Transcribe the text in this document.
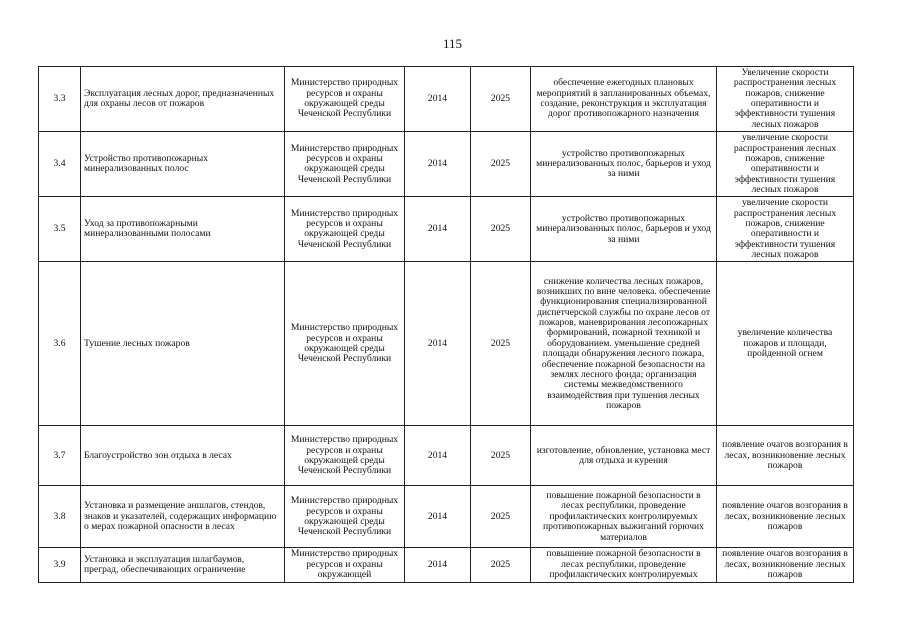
115
3.3	Эксплуатация лесных дорог, предназначенных для охраны лесов от пожаров	Министерство природных ресурсов и охраны окружающей среды Чеченской Республики	2014	2025	обеспечение ежегодных плановых мероприятий в запланированных объемах, создание, реконструкция и эксплуатация дорог противопожарного назначения	Увеличение скорости распространения лесных пожаров, снижение оперативности и эффективности тушения лесных пожаров
3.4	Устройство противопожарных минерализованных полос	Министерство природных ресурсов и охраны окружающей среды Чеченской Республики	2014	2025	устройство противопожарных минерализованных полос, барьеров и уход за ними	увеличение скорости распространения лесных пожаров, снижение оперативности и эффективности тушения лесных пожаров
3.5	Уход за противопожарными минерализованными полосами	Министерство природных ресурсов и охраны окружающей среды Чеченской Республики	2014	2025	устройство противопожарных минерализованных полос, барьеров и уход за ними	увеличение скорости распространения лесных пожаров, снижение оперативности и эффективности тушения лесных пожаров
3.6	Тушение лесных пожаров	Министерство природных ресурсов и охраны окружающей среды Чеченской Республики	2014	2025	снижение количества лесных пожаров, возникших по вине человека. обеспечение функционирования специализированной диспетчерской службы по охране лесов от пожаров, маневрирования лесопожарных формирований, пожарной техникой и оборудованием. уменьшение средней площади обнаружения лесного пожара, обеспечение пожарной безопасности на землях лесного фонда; организация системы межведомственного взаимодействия при тушения лесных пожаров	увеличение количества пожаров и площади, пройденной огнем
3.7	Благоустройство зон отдыха в лесах	Министерство природных ресурсов и охраны окружающей среды Чеченской Республики	2014	2025	изготовление, обновление, установка мест для отдыха и курения	появление очагов возгорания в лесах, возникновение лесных пожаров
3.8	Установка и размещение аншлагов, стендов, знаков и указателей, содержащих информацию о мерах пожарной опасности в лесах	Министерство природных ресурсов и охраны окружающей среды Чеченской Республики	2014	2025	повышение пожарной безопасности в лесах республики, проведение профилактических контролируемых противопожарных выжиганий горючих материалов	появление очагов возгорания в лесах, возникновение лесных пожаров
3.9	Установка и эксплуатация шлагбаумов, преград, обеспечивающих ограничение	Министерство природных ресурсов и охраны окружающей	2014	2025	повышение пожарной безопасности в лесах республики, проведение профилактических контролируемых	появление очагов возгорания в лесах, возникновение лесных пожаров
